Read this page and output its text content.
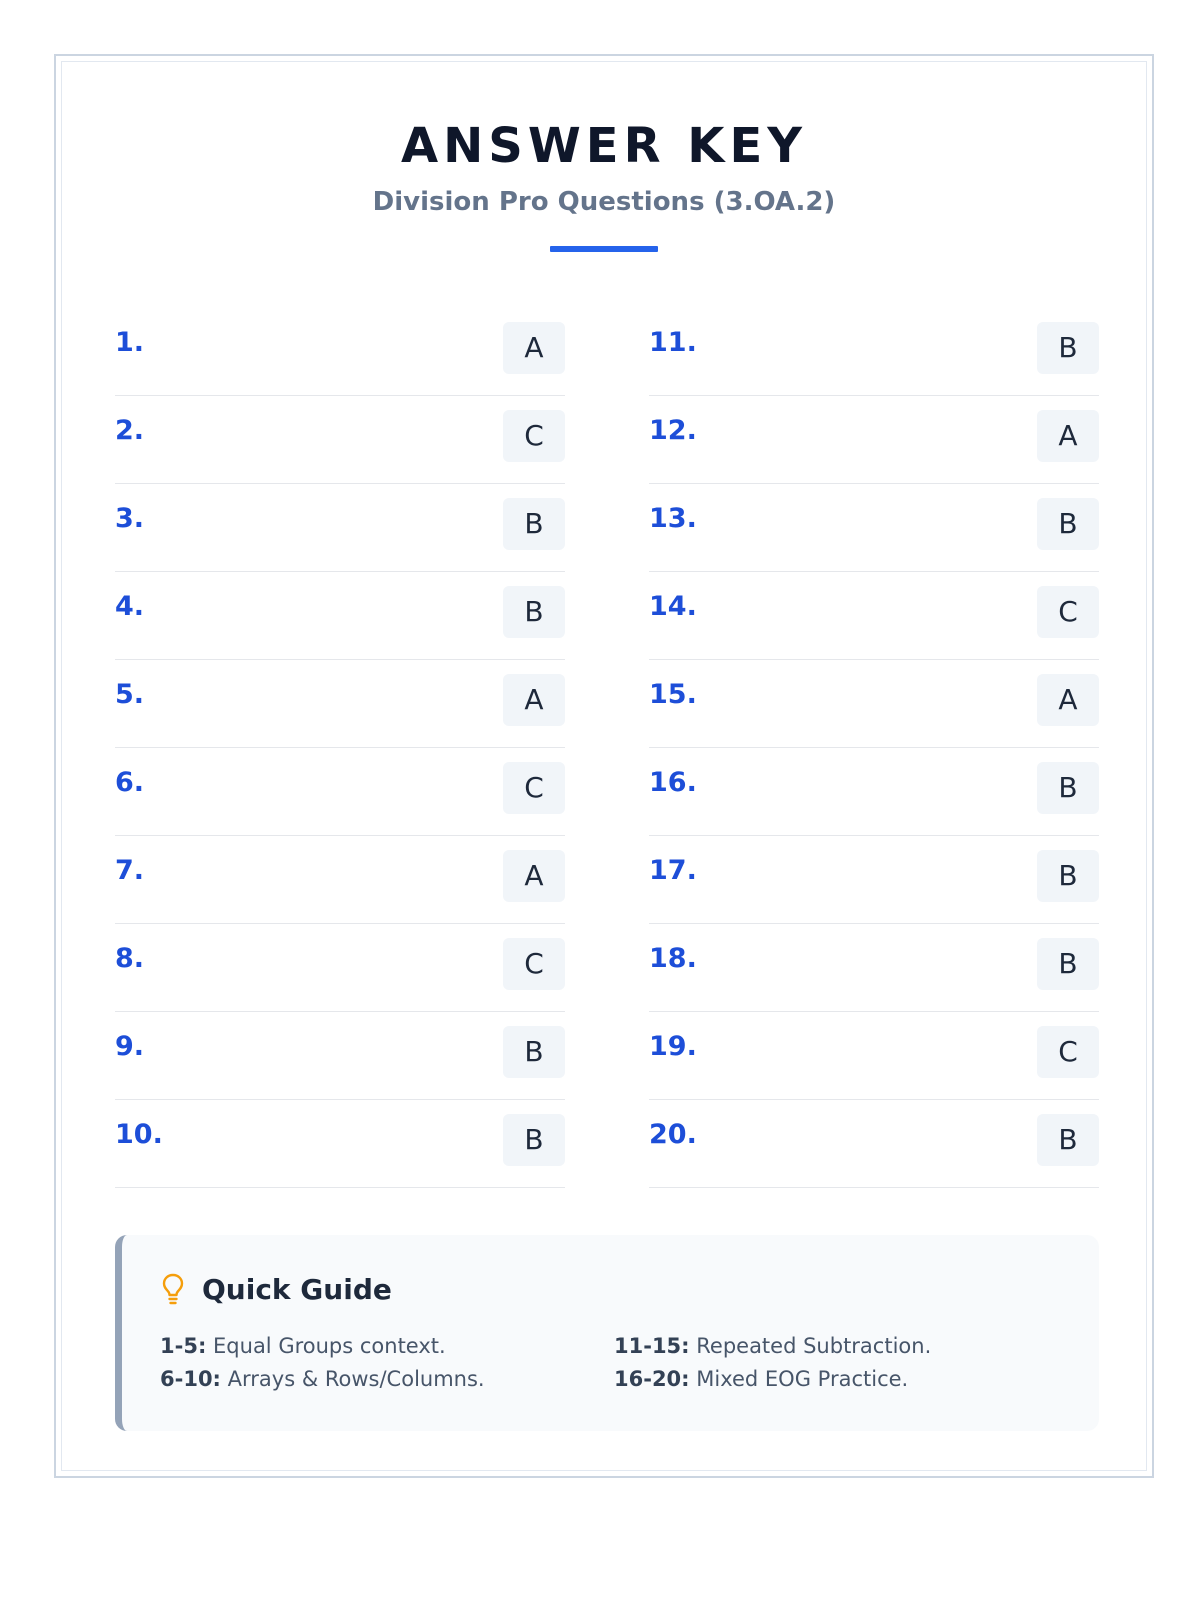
ANSWER KEY
Division Pro Questions (3.OA.2)
1.	A
2.	C
3.	B
4.	B
5.	A
6.	C
7.	A
8.	C
9.	B
10.	B
11.	B
12.	A
13.	B
14.	C
15.	A
16.	B
17.	B
18.	B
19.	C
20.	B
Quick Guide
1-5: Equal Groups context.
6-10: Arrays & Rows/Columns.
11-15: Repeated Subtraction.
16-20: Mixed EOG Practice.
